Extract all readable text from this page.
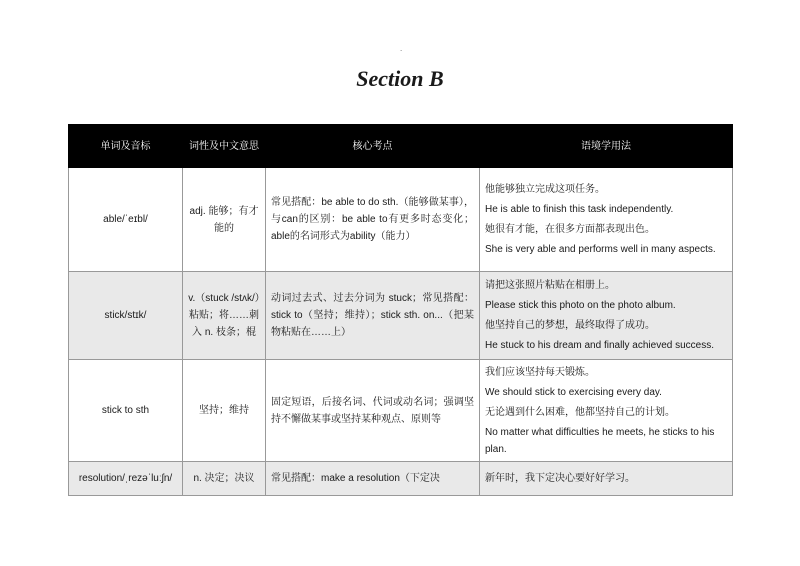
.
Section B
单词及音标	词性及中文意思	核心考点	语境学用法
able/ˈeɪbl/	adj. 能够；有才能的	常见搭配：be able to do sth.（能够做某事），与can的区别：be able to有更多时态变化；able的名词形式为ability（能力）	他能够独立完成这项任务。

He is able to finish this task independently.

她很有才能，在很多方面都表现出色。

She is very able and performs well in many aspects.

stick/stɪk/	v.（stuck /stʌk/）粘贴；将……刺入 n. 枝条；棍	动词过去式、过去分词为 stuck；常见搭配：stick to（坚持；维持）；stick sth. on...（把某物粘贴在……上）	请把这张照片粘贴在相册上。

Please stick this photo on the photo album.

他坚持自己的梦想，最终取得了成功。

He stuck to his dream and finally achieved success.

stick to sth	坚持；维持	固定短语，后接名词、代词或动名词；强调坚持不懈做某事或坚持某种观点、原则等	我们应该坚持每天锻炼。

We should stick to exercising every day.

无论遇到什么困难，他都坚持自己的计划。

No matter what difficulties he meets, he sticks to his plan.

resolution/ˌrezəˈluːʃn/	n. 决定；决议	常见搭配：make a resolution（下定决	新年时，我下定决心要好好学习。
